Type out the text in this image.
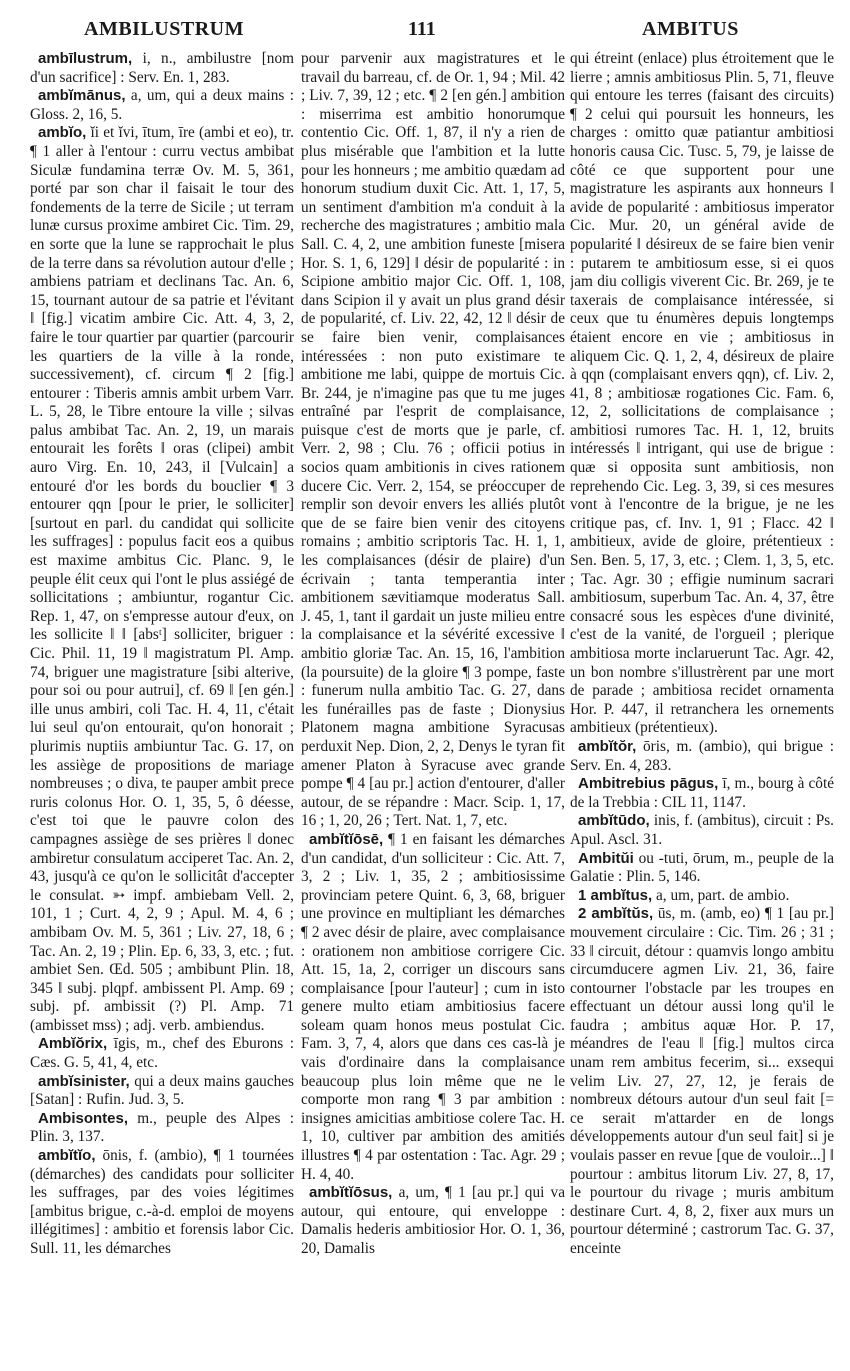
AMBILUSTRUM	111	AMBITUS

ambīlustrum, i, n., ambilustre [nom d'un sacrifice] : Serv. En. 1, 283.

ambĭmānus, a, um, qui a deux mains : Gloss. 2, 16, 5.

ambĭo, ĭi et ĭvi, ītum, īre (ambi et eo), tr. ¶ 1 aller à l'entour : curru vectus ambibat Siculæ fundamina terræ Ov. M. 5, 361, porté par son char il faisait le tour des fondements de la terre de Sicile ; ut terram lunæ cursus proxime ambiret Cic. Tim. 29, en sorte que la lune se rapprochait le plus de la terre dans sa révolution autour d'elle ; ambiens patriam et declinans Tac. An. 6, 15, tournant autour de sa patrie et l'évitant ‖ [fig.] vicatim ambire Cic. Att. 4, 3, 2, faire le tour quartier par quartier (parcourir les quartiers de la ville à la ronde, successivement), cf. circum ¶ 2 [fig.] entourer : Tiberis amnis ambit urbem Varr. L. 5, 28, le Tibre entoure la ville ; silvas palus ambibat Tac. An. 2, 19, un marais entourait les forêts ‖ oras (clipei) ambit auro Virg. En. 10, 243, il [Vulcain] a entouré d'or les bords du bouclier ¶ 3 entourer qqn [pour le prier, le solliciter] [surtout en parl. du candidat qui sollicite les suffrages] : populus facit eos a quibus est maxime ambitus Cic. Planc. 9, le peuple élit ceux qui l'ont le plus assiégé de sollicitations ; ambiuntur, rogantur Cic. Rep. 1, 47, on s'empresse autour d'eux, on les sollicite ‖ ‖ [absᵗ] solliciter, briguer : Cic. Phil. 11, 19 ‖ magistratum Pl. Amp. 74, briguer une magistrature [sibi alterive, pour soi ou pour autrui], cf. 69 ‖ [en gén.] ille unus ambiri, coli Tac. H. 4, 11, c'était lui seul qu'on entourait, qu'on honorait ; plurimis nuptiis ambiuntur Tac. G. 17, on les assiège de propositions de mariage nombreuses ; o diva, te pauper ambit prece ruris colonus Hor. O. 1, 35, 5, ô déesse, c'est toi que le pauvre colon des campagnes assiège de ses prières ‖ donec ambiretur consulatum acciperet Tac. An. 2, 43, jusqu'à ce qu'on le sollicitât d'accepter le consulat. ➳ impf. ambiebam Vell. 2, 101, 1 ; Curt. 4, 2, 9 ; Apul. M. 4, 6 ; ambibam Ov. M. 5, 361 ; Liv. 27, 18, 6 ; Tac. An. 2, 19 ; Plin. Ep. 6, 33, 3, etc. ; fut. ambiet Sen. Œd. 505 ; ambibunt Plin. 18, 345 ‖ subj. plqpf. ambissent Pl. Amp. 69 ; subj. pf. ambissit (?) Pl. Amp. 71 (ambisset mss) ; adj. verb. ambiendus.

Ambĭŏrix, īgis, m., chef des Eburons : Cæs. G. 5, 41, 4, etc.

ambĭsinister, qui a deux mains gauches [Satan] : Rufin. Jud. 3, 5.

Ambisontes, m., peuple des Alpes : Plin. 3, 137.

ambĭtĭo, ōnis, f. (ambio), ¶ 1 tournées (démarches) des candidats pour solliciter les suffrages, par des voies légitimes [ambitus brigue, c.-à-d. emploi de moyens illégitimes] : ambitio et forensis labor Cic. Sull. 11, les démarches

pour parvenir aux magistratures et le travail du barreau, cf. de Or. 1, 94 ; Mil. 42 ; Liv. 7, 39, 12 ; etc. ¶ 2 [en gén.] ambition : miserrima est ambitio honorumque contentio Cic. Off. 1, 87, il n'y a rien de plus misérable que l'ambition et la lutte pour les honneurs ; me ambitio quædam ad honorum studium duxit Cic. Att. 1, 17, 5, un sentiment d'ambition m'a conduit à la recherche des magistratures ; ambitio mala Sall. C. 4, 2, une ambition funeste [misera Hor. S. 1, 6, 129] ‖ désir de popularité : in Scipione ambitio major Cic. Off. 1, 108, dans Scipion il y avait un plus grand désir de popularité, cf. Liv. 22, 42, 12 ‖ désir de se faire bien venir, complaisances intéressées : non puto existimare te ambitione me labi, quippe de mortuis Cic. Br. 244, je n'imagine pas que tu me juges entraîné par l'esprit de complaisance, puisque c'est de morts que je parle, cf. Verr. 2, 98 ; Clu. 76 ; officii potius in socios quam ambitionis in cives rationem ducere Cic. Verr. 2, 154, se préoccuper de remplir son devoir envers les alliés plutôt que de se faire bien venir des citoyens romains ; ambitio scriptoris Tac. H. 1, 1, les complaisances (désir de plaire) d'un écrivain ; tanta temperantia inter ambitionem sævitiamque moderatus Sall. J. 45, 1, tant il gardait un juste milieu entre la complaisance et la sévérité excessive ‖ ambitio gloriæ Tac. An. 15, 16, l'ambition (la poursuite) de la gloire ¶ 3 pompe, faste : funerum nulla ambitio Tac. G. 27, dans les funérailles pas de faste ; Dionysius Platonem magna ambitione Syracusas perduxit Nep. Dion, 2, 2, Denys le tyran fit amener Platon à Syracuse avec grande pompe ¶ 4 [au pr.] action d'entourer, d'aller autour, de se répandre : Macr. Scip. 1, 17, 16 ; 1, 20, 26 ; Tert. Nat. 1, 7, etc.

ambĭtĭōsē, ¶ 1 en faisant les démarches d'un candidat, d'un solliciteur : Cic. Att. 7, 3, 2 ; Liv. 1, 35, 2 ; ambitiosissime provinciam petere Quint. 6, 3, 68, briguer une province en multipliant les démarches ¶ 2 avec désir de plaire, avec complaisance : orationem non ambitiose corrigere Cic. Att. 15, 1a, 2, corriger un discours sans complaisance [pour l'auteur] ; cum in isto genere multo etiam ambitiosius facere soleam quam honos meus postulat Cic. Fam. 3, 7, 4, alors que dans ces cas-là je vais d'ordinaire dans la complaisance beaucoup plus loin même que ne le comporte mon rang ¶ 3 par ambition : insignes amicitias ambitiose colere Tac. H. 1, 10, cultiver par ambition des amitiés illustres ¶ 4 par ostentation : Tac. Agr. 29 ; H. 4, 40.

ambĭtĭōsus, a, um, ¶ 1 [au pr.] qui va autour, qui entoure, qui enveloppe : Damalis hederis ambitiosior Hor. O. 1, 36, 20, Damalis

qui étreint (enlace) plus étroitement que le lierre ; amnis ambitiosus Plin. 5, 71, fleuve qui entoure les terres (faisant des circuits) ¶ 2 celui qui poursuit les honneurs, les charges : omitto quæ patiantur ambitiosi honoris causa Cic. Tusc. 5, 79, je laisse de côté ce que supportent pour une magistrature les aspirants aux honneurs ‖ avide de popularité : ambitiosus imperator Cic. Mur. 20, un général avide de popularité ‖ désireux de se faire bien venir : putarem te ambitiosum esse, si ei quos jam diu colligis viverent Cic. Br. 269, je te taxerais de complaisance intéressée, si ceux que tu énumères depuis longtemps étaient encore en vie ; ambitiosus in aliquem Cic. Q. 1, 2, 4, désireux de plaire à qqn (complaisant envers qqn), cf. Liv. 2, 41, 8 ; ambitiosæ rogationes Cic. Fam. 6, 12, 2, sollicitations de complaisance ; ambitiosi rumores Tac. H. 1, 12, bruits intéressés ‖ intrigant, qui use de brigue : quæ si opposita sunt ambitiosis, non reprehendo Cic. Leg. 3, 39, si ces mesures vont à l'encontre de la brigue, je ne les critique pas, cf. Inv. 1, 91 ; Flacc. 42 ‖ ambitieux, avide de gloire, prétentieux : Sen. Ben. 5, 17, 3, etc. ; Clem. 1, 3, 5, etc. ; Tac. Agr. 30 ; effigie numinum sacrari ambitiosum, superbum Tac. An. 4, 37, être consacré sous les espèces d'une divinité, c'est de la vanité, de l'orgueil ; plerique ambitiosa morte inclaruerunt Tac. Agr. 42, un bon nombre s'illustrèrent par une mort de parade ; ambitiosa recidet ornamenta Hor. P. 447, il retranchera les ornements ambitieux (prétentieux).

ambĭtŏr, ōris, m. (ambio), qui brigue : Serv. En. 4, 283.

Ambitrebius pāgus, ī, m., bourg à côté de la Trebbia : CIL 11, 1147.

ambĭtūdo, inis, f. (ambitus), circuit : Ps. Apul. Ascl. 31.

Ambitŭi ou -tuti, ōrum, m., peuple de la Galatie : Plin. 5, 146.

1 ambĭtus, a, um, part. de ambio.

2 ambĭtŭs, ūs, m. (amb, eo) ¶ 1 [au pr.] mouvement circulaire : Cic. Tim. 26 ; 31 ; 33 ‖ circuit, détour : quamvis longo ambitu circumducere agmen Liv. 21, 36, faire contourner l'obstacle par les troupes en effectuant un détour aussi long qu'il le faudra ; ambitus aquæ Hor. P. 17, méandres de l'eau ‖ [fig.] multos circa unam rem ambitus fecerim, si... exsequi velim Liv. 27, 27, 12, je ferais de nombreux détours autour d'un seul fait [= ce serait m'attarder en de longs développements autour d'un seul fait] si je voulais passer en revue [que de vouloir...] ‖ pourtour : ambitus litorum Liv. 27, 8, 17, le pourtour du rivage ; muris ambitum destinare Curt. 4, 8, 2, fixer aux murs un pourtour déterminé ; castrorum Tac. G. 37, enceinte
